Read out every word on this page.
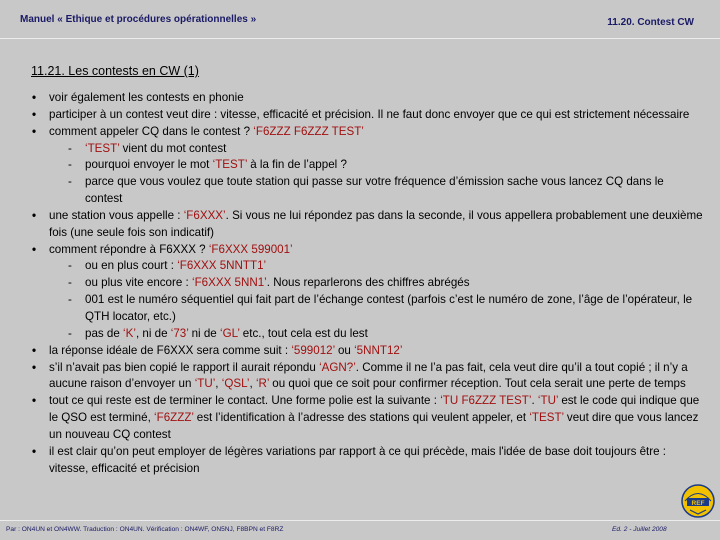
Manuel « Ethique et procédures opérationnelles »	11.20. Contest CW
11.21. Les contests en CW (1)
• voir également les contests en phonie
• participer à un contest veut dire : vitesse, efficacité et précision. Il ne faut donc envoyer que ce qui est strictement nécessaire
• comment appeler CQ dans le contest ? ‘F6ZZZ F6ZZZ TEST’
- ‘TEST’ vient du mot contest
- pourquoi envoyer le mot ‘TEST’ à la fin de l’appel ?
- parce que vous voulez que toute station qui passe sur votre fréquence d’émission sache vous lancez CQ dans le contest
• une station vous appelle : ‘F6XXX’. Si vous ne lui répondez pas dans la seconde, il vous appellera probablement une deuxième fois (une seule fois son indicatif)
• comment répondre à F6XXX ? ‘F6XXX 599001’
- ou en plus court : ‘F6XXX 5NNTT1’
- ou plus vite encore : ‘F6XXX 5NN1’. Nous reparlerons des chiffres abrégés
- 001 est le numéro séquentiel qui fait part de l’échange contest (parfois c’est le numéro de zone, l’âge de l’opérateur, le QTH locator, etc.)
- pas de ‘K’, ni de ‘73’ ni de ‘GL’ etc., tout cela est du lest
• la réponse idéale de F6XXX sera comme suit : ‘599012’ ou ‘5NNT12’
• s’il n’avait pas bien copié le rapport il aurait répondu ‘AGN?’. Comme il ne l’a pas fait, cela veut dire qu’il a tout copié ; il n’y a aucune raison d’envoyer un ‘TU’, ‘QSL’, ‘R’ ou quoi que ce soit pour confirmer réception. Tout cela serait une perte de temps
• tout ce qui reste est de terminer le contact. Une forme polie est la suivante : ‘TU F6ZZZ TEST’. ‘TU’ est le code qui indique que le QSO est terminé, ‘F6ZZZ’ est l’identification à l’adresse des stations qui veulent appeler, et ‘TEST’ veut dire que vous lancez un nouveau CQ contest
• il est clair qu’on peut employer de légères variations par rapport à ce qui précède, mais l'idée de base doit toujours être : vitesse, efficacité et précision
Par : ON4UN et ON4WW. Traduction : ON4UN. Vérification : ON4WF, ON5NJ, F8BPN et F8RZ	Ed. 2 - Juillet 2008
REF
